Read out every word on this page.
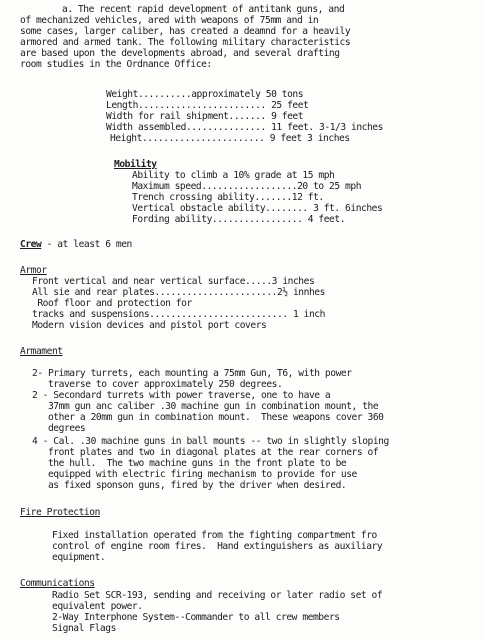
a. The recent rapid development of antitank guns, and
of mechanized vehicles, ared with weapons of 75mm and in
some cases, larger caliber, has created a deamnd for a heavily
armored and armed tank. The following military characteristics
are based upon the developments abroad, and several drafting
room studies in the Ordnance Office:
Weight..........approximately 50 tons
Length........................ 25 feet
Width for rail shipment....... 9 feet
Width assembled............... 11 feet. 3-1/3 inches
Height....................... 9 feet 3 inches
Mobility
Ability to climb a 10% grade at 15 mph
Maximum speed..................20 to 25 mph
Trench crossing ability.......12 ft.
Vertical obstacle ability........ 3 ft. 6inches
Fording ability................. 4 feet.
Crew - at least 6 men
Armor
Front vertical and near vertical surface.....3 inches
All sie and rear plates.......................2½ innhes
Roof floor and protection for
tracks and suspensions.......................... 1 inch
Modern vision devices and pistol port covers
Armament
2- Primary turrets, each mounting a 75mm Gun, T6, with power
traverse to cover approximately 250 degrees.
2 - Secondard turrets with power traverse, one to have a
37mm gun anc caliber .30 machine gun in combination mount, the
other a 20mm gun in combination mount.  These weapons cover 360
degrees
4 - Cal. .30 machine guns in ball mounts -- two in slightly sloping
front plates and two in diagonal plates at the rear corners of
the hull.  The two machine guns in the front plate to be
equipped with electric firing mechanism to provide for use
as fixed sponson guns, fired by the driver when desired.
Fire Protection
Fixed installation operated from the fighting compartment fro
control of engine room fires.  Hand extinguishers as auxiliary
equipment.
Communications
Radio Set SCR-193, sending and receiving or later radio set of
equivalent power.
2-Way Interphone System--Commander to all crew members
Signal Flags
